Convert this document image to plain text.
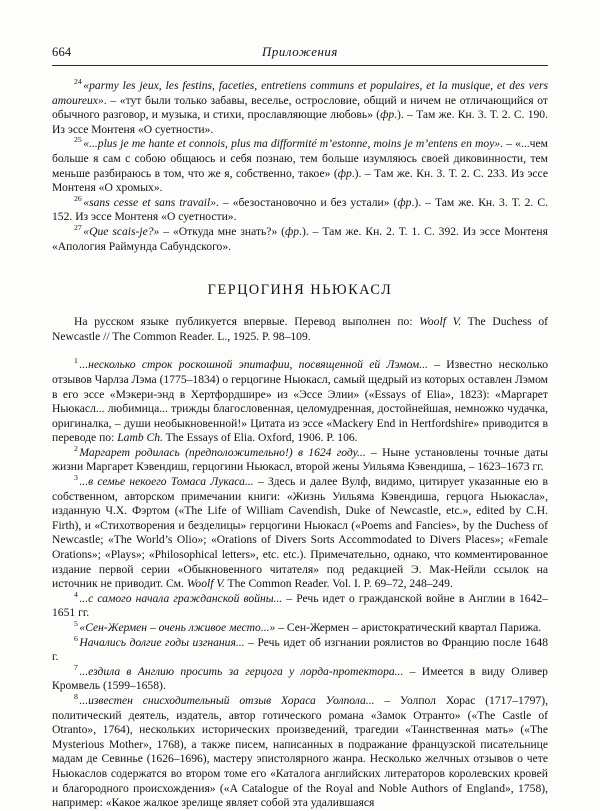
664	Приложения

$^{24}$ «parmy les jeux, les festins, faceties, entretiens communs et populaires, et la musique, et des vers amoureux». – «тут были только забавы, веселье, острословие, общий и ничем не отличающийся от обычного разговор, и музыка, и стихи, прославляющие любовь» (фр.). – Там же. Кн. 3. Т. 2. С. 190. Из эссе Монтеня «О суетности».

$^{25}$ «...plus je me hante et connois, plus ma difformité m’estonne, moins je m’entens en moy». – «...чем больше я сам с собою общаюсь и себя познаю, тем больше изумляюсь своей диковинности, тем меньше разбираюсь в том, что же я, собственно, такое» (фр.). – Там же. Кн. 3. Т. 2. С. 233. Из эссе Монтеня «О хромых».

$^{26}$ «sans cesse et sans travail». – «безостановочно и без устали» (фр.). – Там же. Кн. 3. Т. 2. С. 152. Из эссе Монтеня «О суетности».

$^{27}$ «Que scais-je?» – «Откуда мне знать?» (фр.). – Там же. Кн. 2. Т. 1. С. 392. Из эссе Монтеня «Апология Раймунда Сабундского».

ГЕРЦОГИНЯ НЬЮКАСЛ

На русском языке публикуется впервые. Перевод выполнен по: Woolf V. The Duchess of Newcastle // The Common Reader. L., 1925. P. 98–109.

$^1$ ...несколько строк роскошной эпитафии, посвященной ей Лэмом... – Известно несколько отзывов Чарлза Лэма (1775–1834) о герцогине Ньюкасл, самый щедрый из которых оставлен Лэмом в его эссе «Мэкери-энд в Хертфордшире» из «Эссе Элии» («Essays of Elia», 1823): «Маргарет Ньюкасл... любимица... трижды благословенная, целомудренная, достойнейшая, немножко чудачка, оригиналка, – души необыкновенной!» Цитата из эссе «Mackery End in Hertfordshire» приводится в переводе по: Lamb Ch. The Essays of Elia. Oxford, 1906. P. 106.

$^2$ Маргарет родилась (предположительно!) в 1624 году... – Ныне установлены точные даты жизни Маргарет Кэвендиш, герцогини Ньюкасл, второй жены Уильяма Кэвендиша, – 1623–1673 гг.

$^3$ ...в семье некоего Томаса Лукаса... – Здесь и далее Вулф, видимо, цитирует указанные ею в собственном, авторском примечании книги: «Жизнь Уильяма Кэвендиша, герцога Ньюкасла», изданную Ч.Х. Фэртом («The Life of William Cavendish, Duke of Newcastle, etc.», edited by C.H. Firth), и «Стихотворения и безделицы» герцогини Ньюкасл («Poems and Fancies», by the Duchess of Newcastle; «The World’s Olio»; «Orations of Divers Sorts Accommodated to Divers Places»; «Female Orations»; «Plays»; «Philosophical letters», etc. etc.). Примечательно, однако, что комментированное издание первой серии «Обыкновенного читателя» под редакцией Э. Мак-Нейли ссылок на источник не приводит. См. Woolf V. The Common Reader. Vol. I. P. 69–72, 248–249.

$^4$ ...с самого начала гражданской войны... – Речь идет о гражданской войне в Англии в 1642–1651 гг.

$^5$ «Сен-Жермен – очень лживое место...» – Сен-Жермен – аристократический квартал Парижа.

$^6$ Начались долгие годы изгнания... – Речь идет об изгнании роялистов во Францию после 1648 г.

$^7$ ...ездила в Англию просить за герцога у лорда-протектора... – Имеется в виду Оливер Кромвель (1599–1658).

$^8$ ...известен снисходительный отзыв Хораса Уолпола... – Уолпол Хорас (1717–1797), политический деятель, издатель, автор готического романа «Замок Отранто» («The Castle of Otranto», 1764), нескольких исторических произведений, трагедии «Таинственная мать» («The Mysterious Mother», 1768), а также писем, написанных в подражание французской писательнице мадам де Севинье (1626–1696), мастеру эпистолярного жанра. Несколько желчных отзывов о чете Ньюкаслов содержатся во втором томе его «Каталога английских литераторов королевских кровей и благородного происхождения» («A Catalogue of the Royal and Noble Authors of England», 1758), например: «Какое жалкое зрелище являет собой эта удалившаяся
